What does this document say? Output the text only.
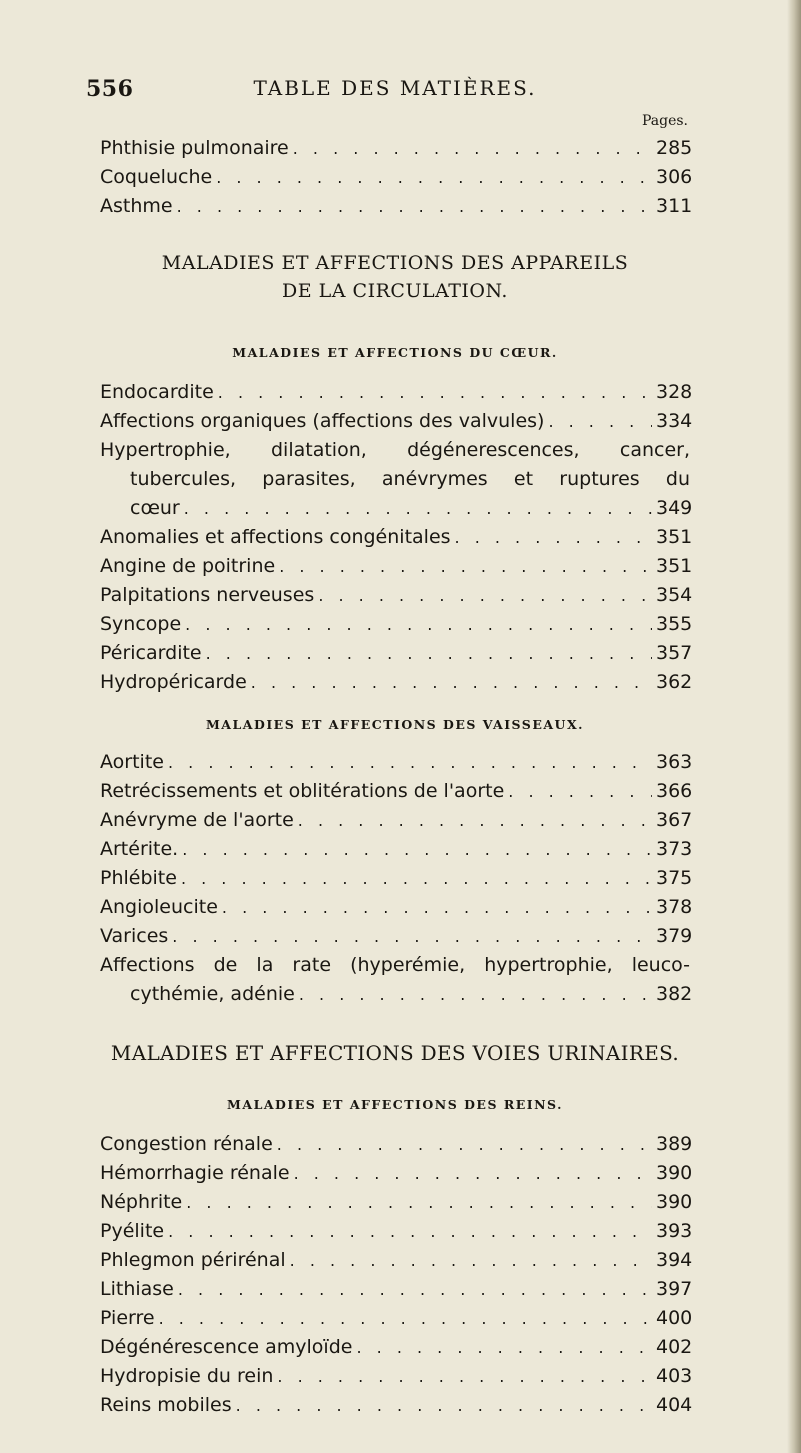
556	TABLE DES MATIÈRES.
Pages.
Phthisie pulmonaire . . .	285
Coqueluche . . .	306
Asthme . . .	311
MALADIES ET AFFECTIONS DES APPAREILS
DE LA CIRCULATION.
MALADIES ET AFFECTIONS DU CŒUR.
Endocardite . . .	328
Affections organiques (affections des valvules) . . .	334
Hypertrophie, dilatation, dégénerescences, cancer,
tubercules, parasites, anévrymes et ruptures du
cœur . . .	349
Anomalies et affections congénitales . . .	351
Angine de poitrine . . .	351
Palpitations nerveuses . . .	354
Syncope . . .	355
Péricardite . . .	357
Hydropéricarde . . .	362
MALADIES ET AFFECTIONS DES VAISSEAUX.
Aortite . . .	363
Retrécissements et oblitérations de l'aorte . . .	366
Anévryme de l'aorte . . .	367
Artérite. . . .	373
Phlébite . . .	375
Angioleucite . . .	378
Varices . . .	379
Affections de la rate (hyperémie, hypertrophie, leuco-
cythémie, adénie . . .	382
MALADIES ET AFFECTIONS DES VOIES URINAIRES.
MALADIES ET AFFECTIONS DES REINS.
Congestion rénale . . .	389
Hémorrhagie rénale . . .	390
Néphrite . . .	390
Pyélite . . .	393
Phlegmon périrénal . . .	394
Lithiase . . .	397
Pierre . . .	400
Dégénérescence amyloïde . . .	402
Hydropisie du rein . . .	403
Reins mobiles . . .	404
